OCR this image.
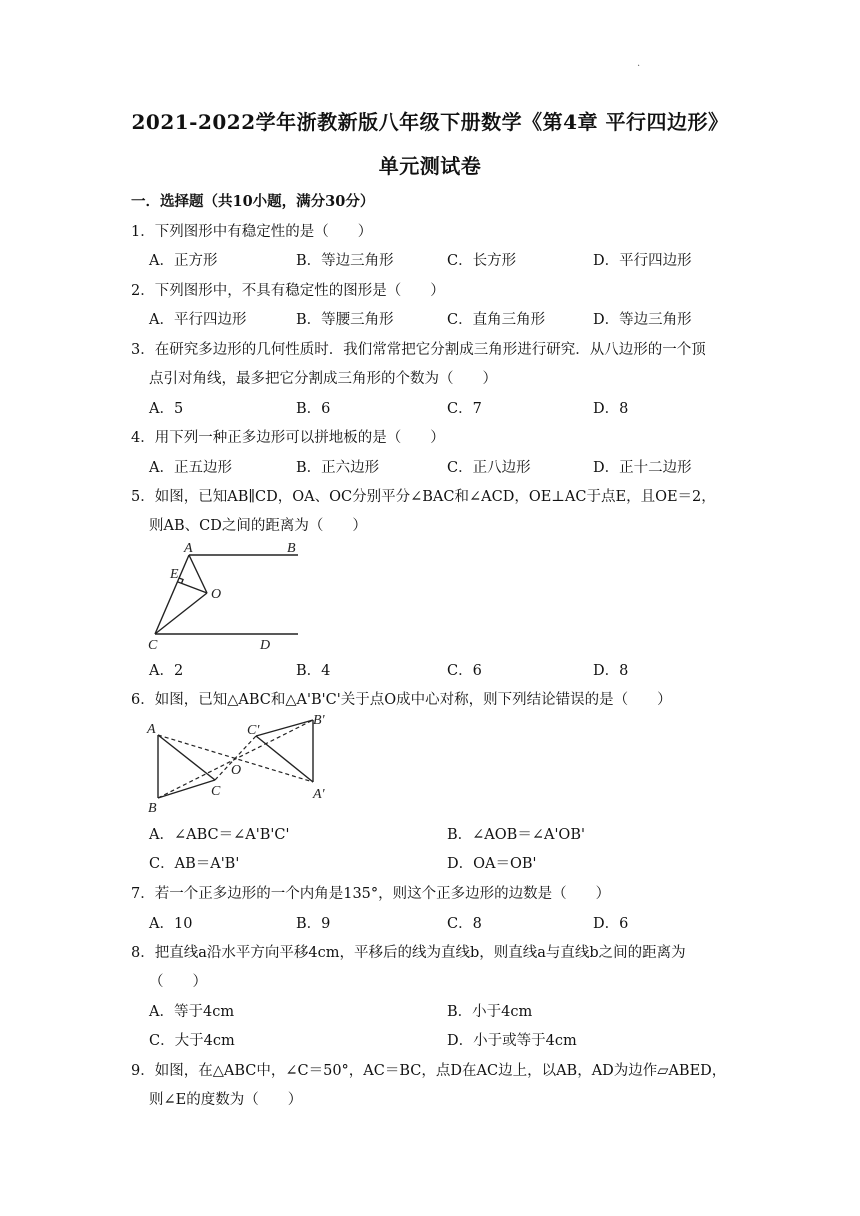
.
2021-2022学年浙教新版八年级下册数学《第4章 平行四边形》
单元测试卷
一．选择题（共10小题，满分30分）
1．下列图形中有稳定性的是（　　）
A．正方形	B．等边三角形	C．长方形	D．平行四边形
2．下列图形中，不具有稳定性的图形是（　　）
A．平行四边形	B．等腰三角形	C．直角三角形	D．等边三角形
3．在研究多边形的几何性质时．我们常常把它分割成三角形进行研究．从八边形的一个顶
点引对角线，最多把它分割成三角形的个数为（　　）
A．5	B．6	C．7	D．8
4．用下列一种正多边形可以拼地板的是（　　）
A．正五边形	B．正六边形	C．正八边形	D．正十二边形
5．如图，已知AB∥CD，OA、OC分别平分∠BAC和∠ACD，OE⊥AC于点E，且OE＝2，
则AB、CD之间的距离为（　　）
A	B
E
O
C	D
A．2	B．4	C．6	D．8
6．如图，已知△ABC和△A'B'C'关于点O成中心对称，则下列结论错误的是（　　）
A
B
C
O
C'
B'
A'
A．∠ABC＝∠A'B'C'	B．∠AOB＝∠A'OB'
C．AB＝A'B'	D．OA＝OB'
7．若一个正多边形的一个内角是135°，则这个正多边形的边数是（　　）
A．10	B．9	C．8	D．6
8．把直线a沿水平方向平移4cm，平移后的线为直线b，则直线a与直线b之间的距离为
（　　）
A．等于4cm	B．小于4cm
C．大于4cm	D．小于或等于4cm
9．如图，在△ABC中，∠C＝50°，AC＝BC，点D在AC边上，以AB，AD为边作▱ABED，
则∠E的度数为（　　）
